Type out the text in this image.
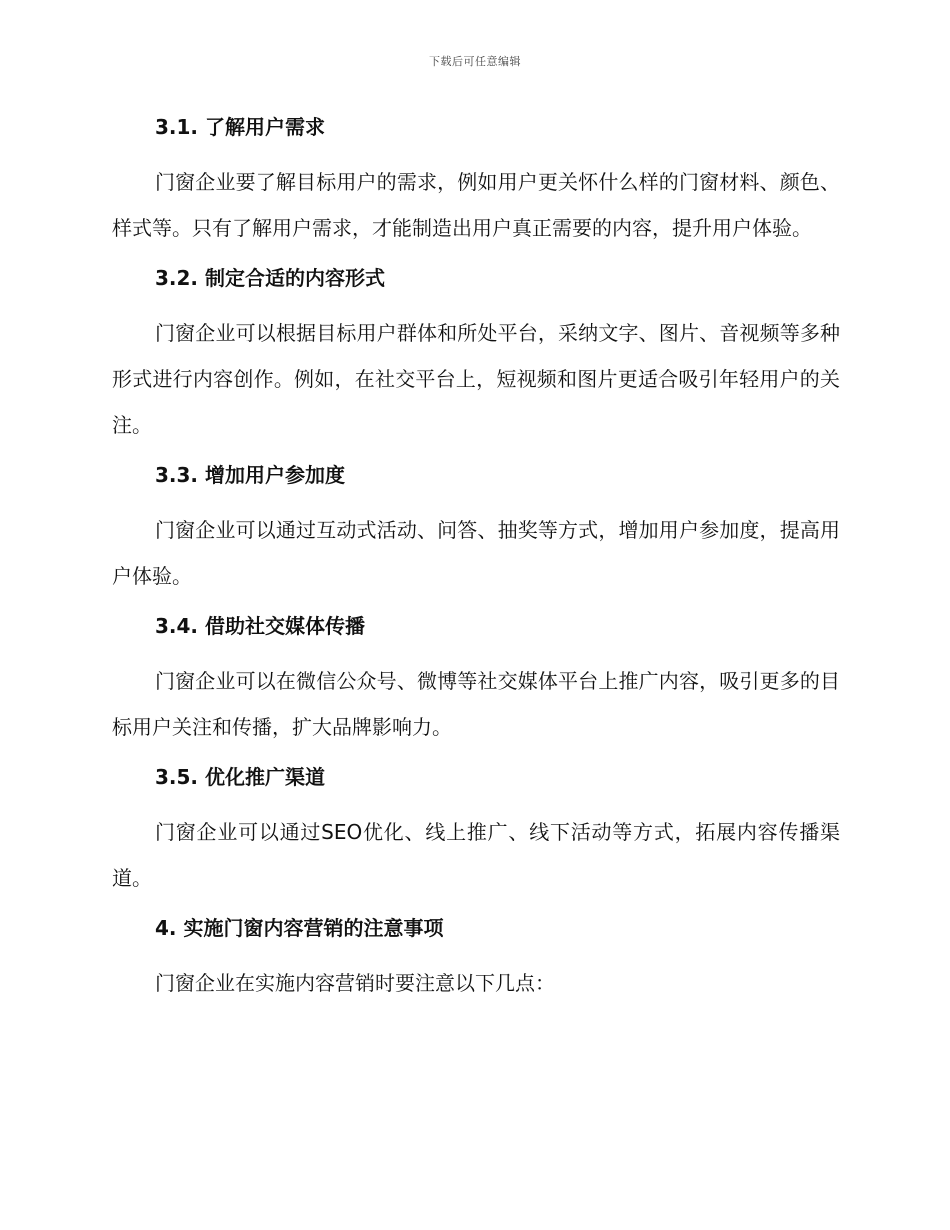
下载后可任意编辑
3.1. 了解用户需求

门窗企业要了解目标用户的需求，例如用户更关怀什么样的门窗材料、颜色、样式等。只有了解用户需求，才能制造出用户真正需要的内容，提升用户体验。

3.2. 制定合适的内容形式

门窗企业可以根据目标用户群体和所处平台，采纳文字、图片、音视频等多种形式进行内容创作。例如，在社交平台上，短视频和图片更适合吸引年轻用户的关注。

3.3. 增加用户参加度

门窗企业可以通过互动式活动、问答、抽奖等方式，增加用户参加度，提高用户体验。

3.4. 借助社交媒体传播

门窗企业可以在微信公众号、微博等社交媒体平台上推广内容，吸引更多的目标用户关注和传播，扩大品牌影响力。

3.5. 优化推广渠道

门窗企业可以通过SEO优化、线上推广、线下活动等方式，拓展内容传播渠道。

4. 实施门窗内容营销的注意事项

门窗企业在实施内容营销时要注意以下几点：
